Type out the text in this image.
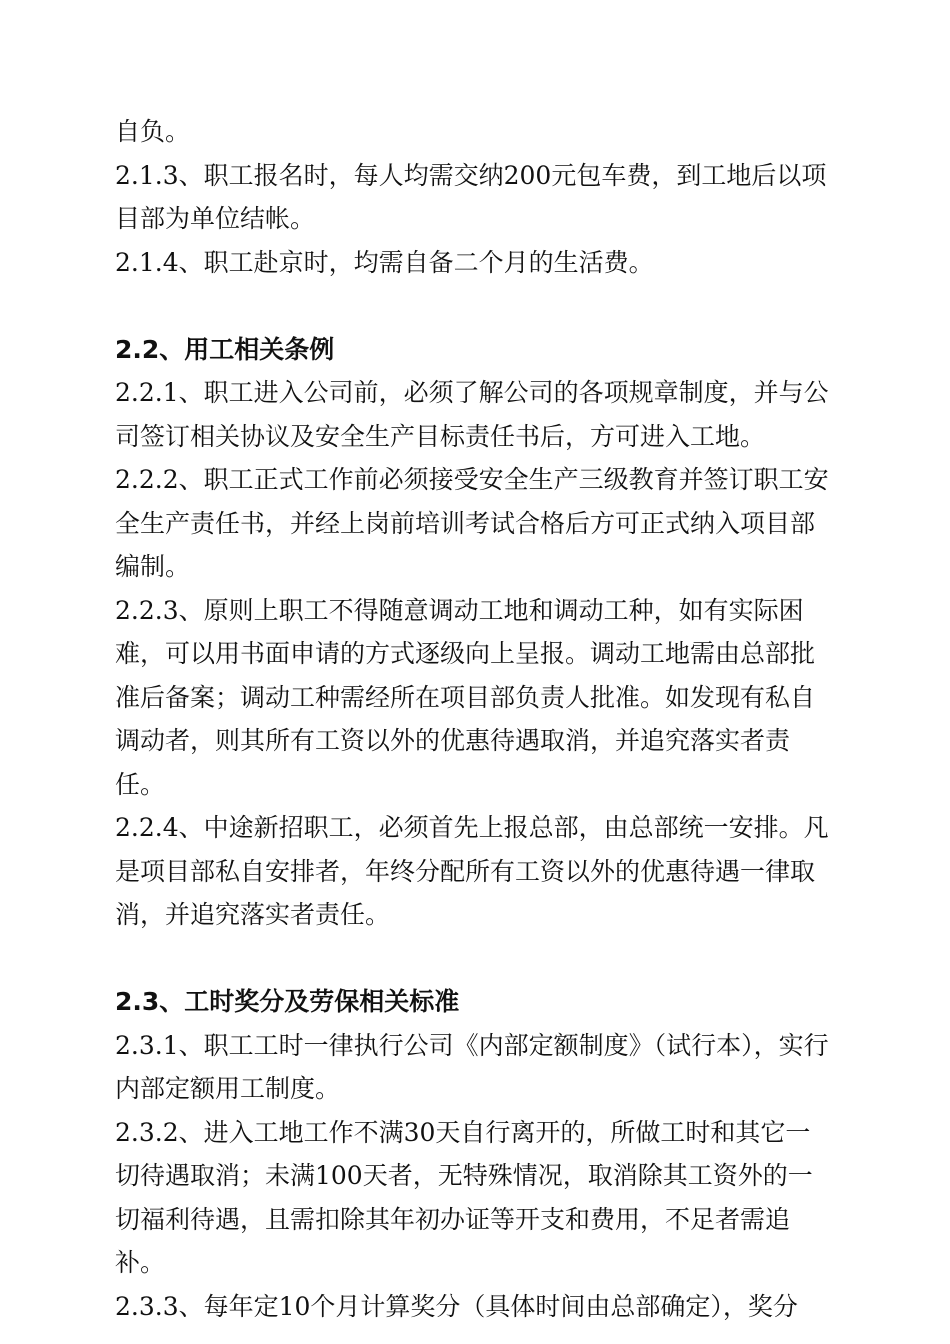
自负。

2.1.3、职工报名时，每人均需交纳200元包车费，到工地后以项目部为单位结帐。

2.1.4、职工赴京时，均需自备二个月的生活费。

2.2、用工相关条例

2.2.1、职工进入公司前，必须了解公司的各项规章制度，并与公司签订相关协议及安全生产目标责任书后，方可进入工地。

2.2.2、职工正式工作前必须接受安全生产三级教育并签订职工安全生产责任书，并经上岗前培训考试合格后方可正式纳入项目部编制。

2.2.3、原则上职工不得随意调动工地和调动工种，如有实际困难，可以用书面申请的方式逐级向上呈报。调动工地需由总部批准后备案；调动工种需经所在项目部负责人批准。如发现有私自调动者，则其所有工资以外的优惠待遇取消，并追究落实者责任。

2.2.4、中途新招职工，必须首先上报总部，由总部统一安排。凡是项目部私自安排者，年终分配所有工资以外的优惠待遇一律取消，并追究落实者责任。

2.3、工时奖分及劳保相关标准

2.3.1、职工工时一律执行公司《内部定额制度》（试行本），实行内部定额用工制度。

2.3.2、进入工地工作不满30天自行离开的，所做工时和其它一切待遇取消；未满100天者，无特殊情况，取消除其工资外的一切福利待遇，且需扣除其年初办证等开支和费用，不足者需追补。

2.3.3、每年定10个月计算奖分（具体时间由总部确定），奖分
